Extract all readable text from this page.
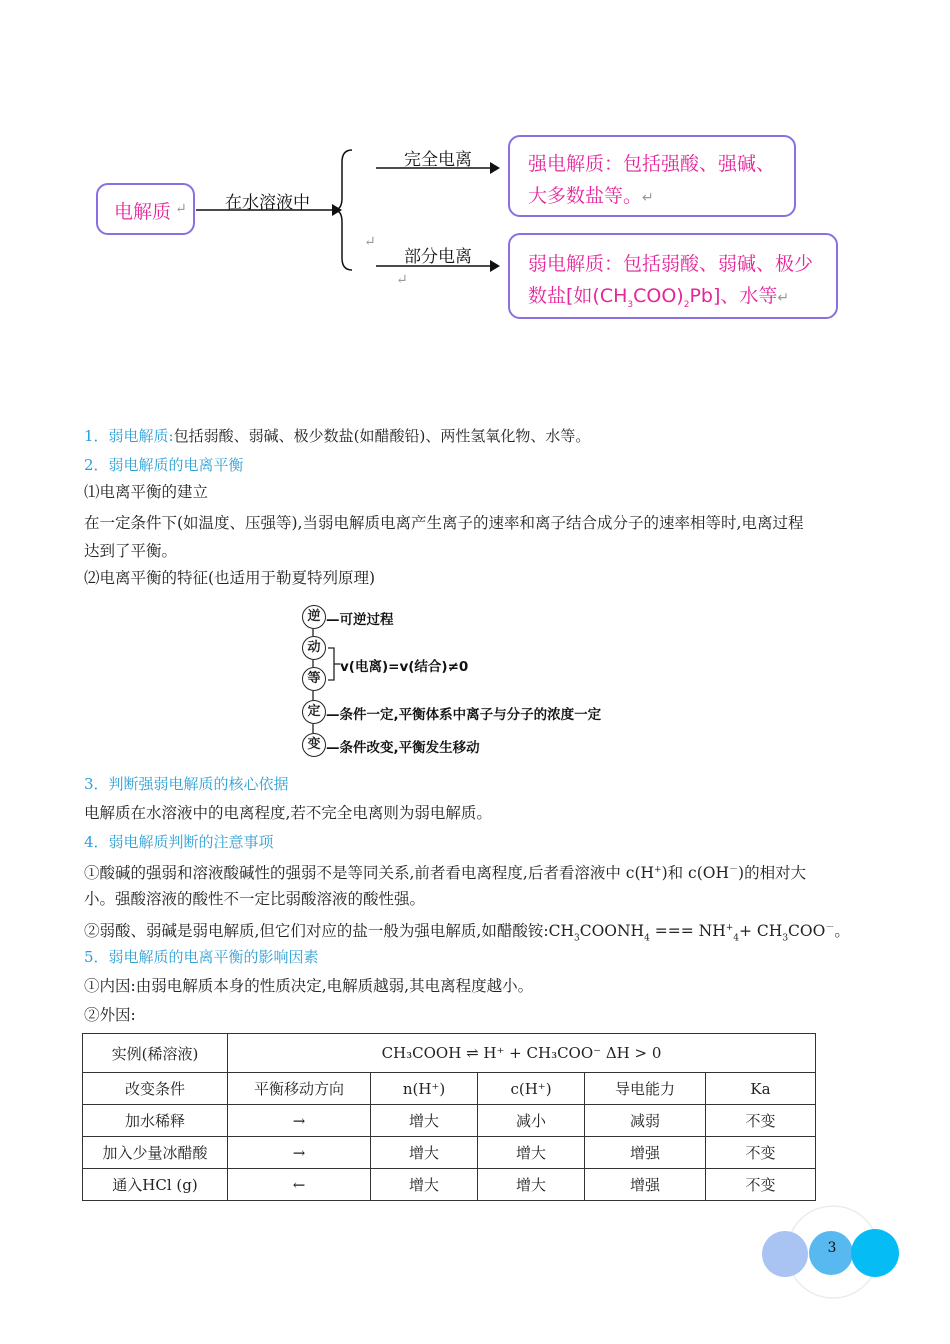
电解质 ↵ 在水溶液中
完全电离
部分电离
↵
↵
强电解质：包括强酸、强碱、
大多数盐等。↵
弱电解质：包括弱酸、弱碱、极少
数盐[如$(CH_3COO)_2Pb$]、水等↵
1．弱电解质:包括弱酸、弱碱、极少数盐(如醋酸铅)、两性氢氧化物、水等。
2．弱电解质的电离平衡
⑴电离平衡的建立
在一定条件下(如温度、压强等),当弱电解质电离产生离子的速率和离子结合成分子的速率相等时,电离过程
达到了平衡。
⑵电离平衡的特征(也适用于勒夏特列原理)
逆
动
等
定
变
—可逆过程
v(电离)=v(结合)≠0
—条件一定,平衡体系中离子与分子的浓度一定
—条件改变,平衡发生移动
3．判断强弱电解质的核心依据
电解质在水溶液中的电离程度,若不完全电离则为弱电解质。
4．弱电解质判断的注意事项
①酸碱的强弱和溶液酸碱性的强弱不是等同关系,前者看电离程度,后者看溶液中 c(H+)和 c(OH－)的相对大
小。强酸溶液的酸性不一定比弱酸溶液的酸性强。
②弱酸、弱碱是弱电解质,但它们对应的盐一般为强电解质,如醋酸铵$:CH_3COONH_4$ === $NH^+_4+ CH_3COO^-$。
5．弱电解质的电离平衡的影响因素
①内因:由弱电解质本身的性质决定,电解质越弱,其电离程度越小。
②外因:
实例(稀溶液)	CH₃COOH ⇌ H⁺ + CH₃COO⁻ ΔH > 0				
改变条件	平衡移动方向	n(H⁺)	c(H⁺)	导电能力	Ka
加水稀释	→	增大	减小	减弱	不变
加入少量冰醋酸	→	增大	增大	增强	不变
通入HCl (g)	←	增大	增大	增强	不变
3
